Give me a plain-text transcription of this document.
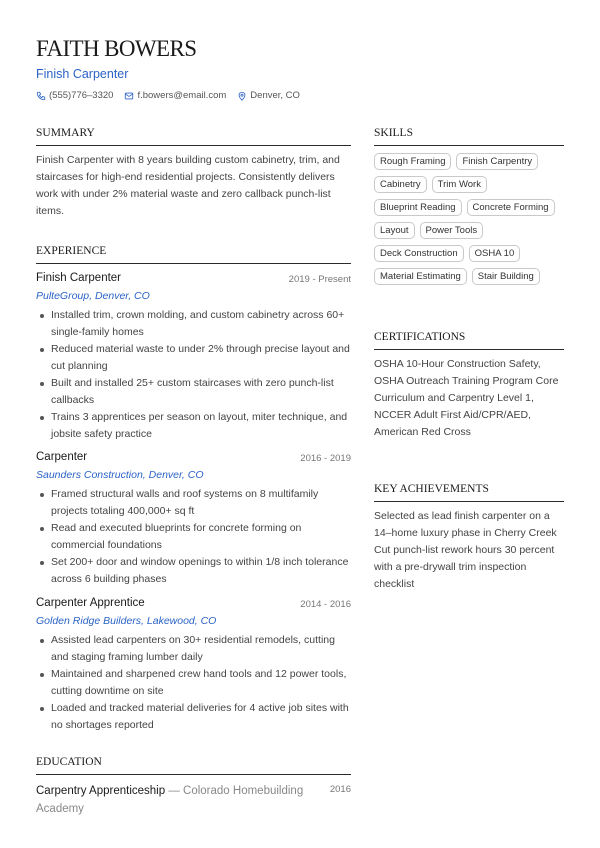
FAITH BOWERS
Finish Carpenter
(555)776–3320	f.bowers@email.com	Denver, CO
SUMMARY
Finish Carpenter with 8 years building custom cabinetry, trim, and staircases for high-end residential projects. Consistently delivers work with under 2% material waste and zero callback punch-list items.
EXPERIENCE
Finish Carpenter	2019 - Present
PulteGroup, Denver, CO
Installed trim, crown molding, and custom cabinetry across 60+ single-family homes
Reduced material waste to under 2% through precise layout and cut planning
Built and installed 25+ custom staircases with zero punch-list callbacks
Trains 3 apprentices per season on layout, miter technique, and jobsite safety practice
Carpenter	2016 - 2019
Saunders Construction, Denver, CO
Framed structural walls and roof systems on 8 multifamily projects totaling 400,000+ sq ft
Read and executed blueprints for concrete forming on commercial foundations
Set 200+ door and window openings to within 1/8 inch tolerance across 6 building phases
Carpenter Apprentice	2014 - 2016
Golden Ridge Builders, Lakewood, CO
Assisted lead carpenters on 30+ residential remodels, cutting and staging framing lumber daily
Maintained and sharpened crew hand tools and 12 power tools, cutting downtime on site
Loaded and tracked material deliveries for 4 active job sites with no shortages reported
EDUCATION
Carpentry Apprenticeship — Colorado Homebuilding Academy
2016
SKILLS
Rough Framing	Finish Carpentry
Cabinetry	Trim Work
Blueprint Reading	Concrete Forming
Layout	Power Tools
Deck Construction	OSHA 10
Material Estimating	Stair Building
CERTIFICATIONS
OSHA 10-Hour Construction Safety, OSHA Outreach Training Program Core Curriculum and Carpentry Level 1, NCCER Adult First Aid/CPR/AED, American Red Cross
KEY ACHIEVEMENTS
Selected as lead finish carpenter on a 14–home luxury phase in Cherry Creek Cut punch-list rework hours 30 percent with a pre-drywall trim inspection checklist
